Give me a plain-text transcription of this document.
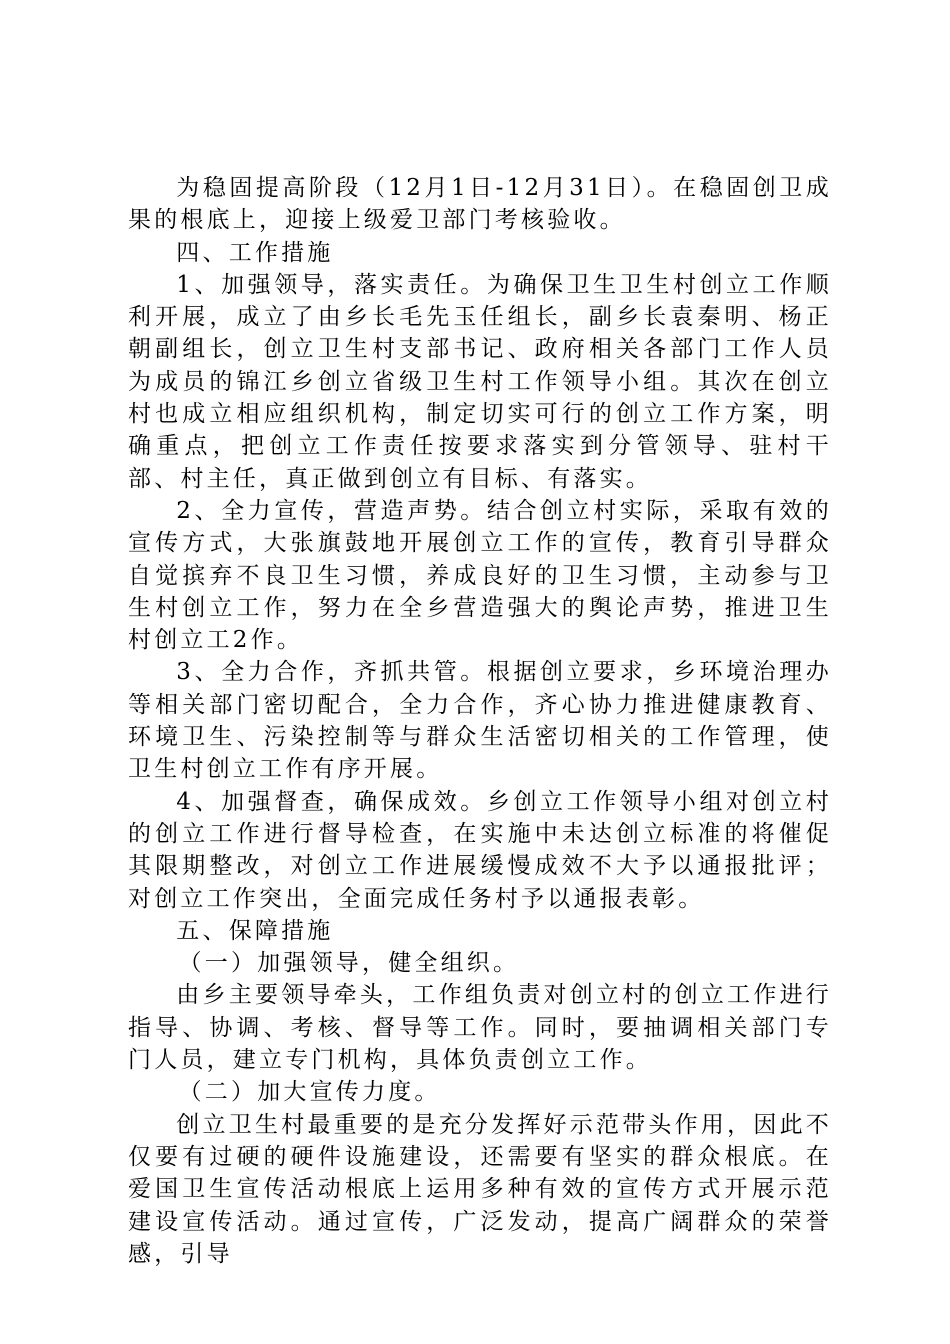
为稳固提高阶段（12月1日-12月31日）。在稳固创卫成果的根底上，迎接上级爱卫部门考核验收。

四、工作措施

1、加强领导，落实责任。为确保卫生卫生村创立工作顺利开展，成立了由乡长毛先玉任组长，副乡长袁秦明、杨正朝副组长，创立卫生村支部书记、政府相关各部门工作人员为成员的锦江乡创立省级卫生村工作领导小组。其次在创立村也成立相应组织机构，制定切实可行的创立工作方案，明确重点，把创立工作责任按要求落实到分管领导、驻村干部、村主任，真正做到创立有目标、有落实。

2、全力宣传，营造声势。结合创立村实际，采取有效的宣传方式，大张旗鼓地开展创立工作的宣传，教育引导群众自觉摈弃不良卫生习惯，养成良好的卫生习惯，主动参与卫生村创立工作，努力在全乡营造强大的舆论声势，推进卫生村创立工2作。

3、全力合作，齐抓共管。根据创立要求，乡环境治理办等相关部门密切配合，全力合作，齐心协力推进健康教育、环境卫生、污染控制等与群众生活密切相关的工作管理，使卫生村创立工作有序开展。

4、加强督查，确保成效。乡创立工作领导小组对创立村的创立工作进行督导检查，在实施中未达创立标准的将催促其限期整改，对创立工作进展缓慢成效不大予以通报批评；对创立工作突出，全面完成任务村予以通报表彰。

五、保障措施

（一）加强领导，健全组织。

由乡主要领导牵头，工作组负责对创立村的创立工作进行指导、协调、考核、督导等工作。同时，要抽调相关部门专门人员，建立专门机构，具体负责创立工作。

（二）加大宣传力度。

创立卫生村最重要的是充分发挥好示范带头作用，因此不仅要有过硬的硬件设施建设，还需要有坚实的群众根底。在爱国卫生宣传活动根底上运用多种有效的宣传方式开展示范建设宣传活动。通过宣传，广泛发动，提高广阔群众的荣誉感，引导
